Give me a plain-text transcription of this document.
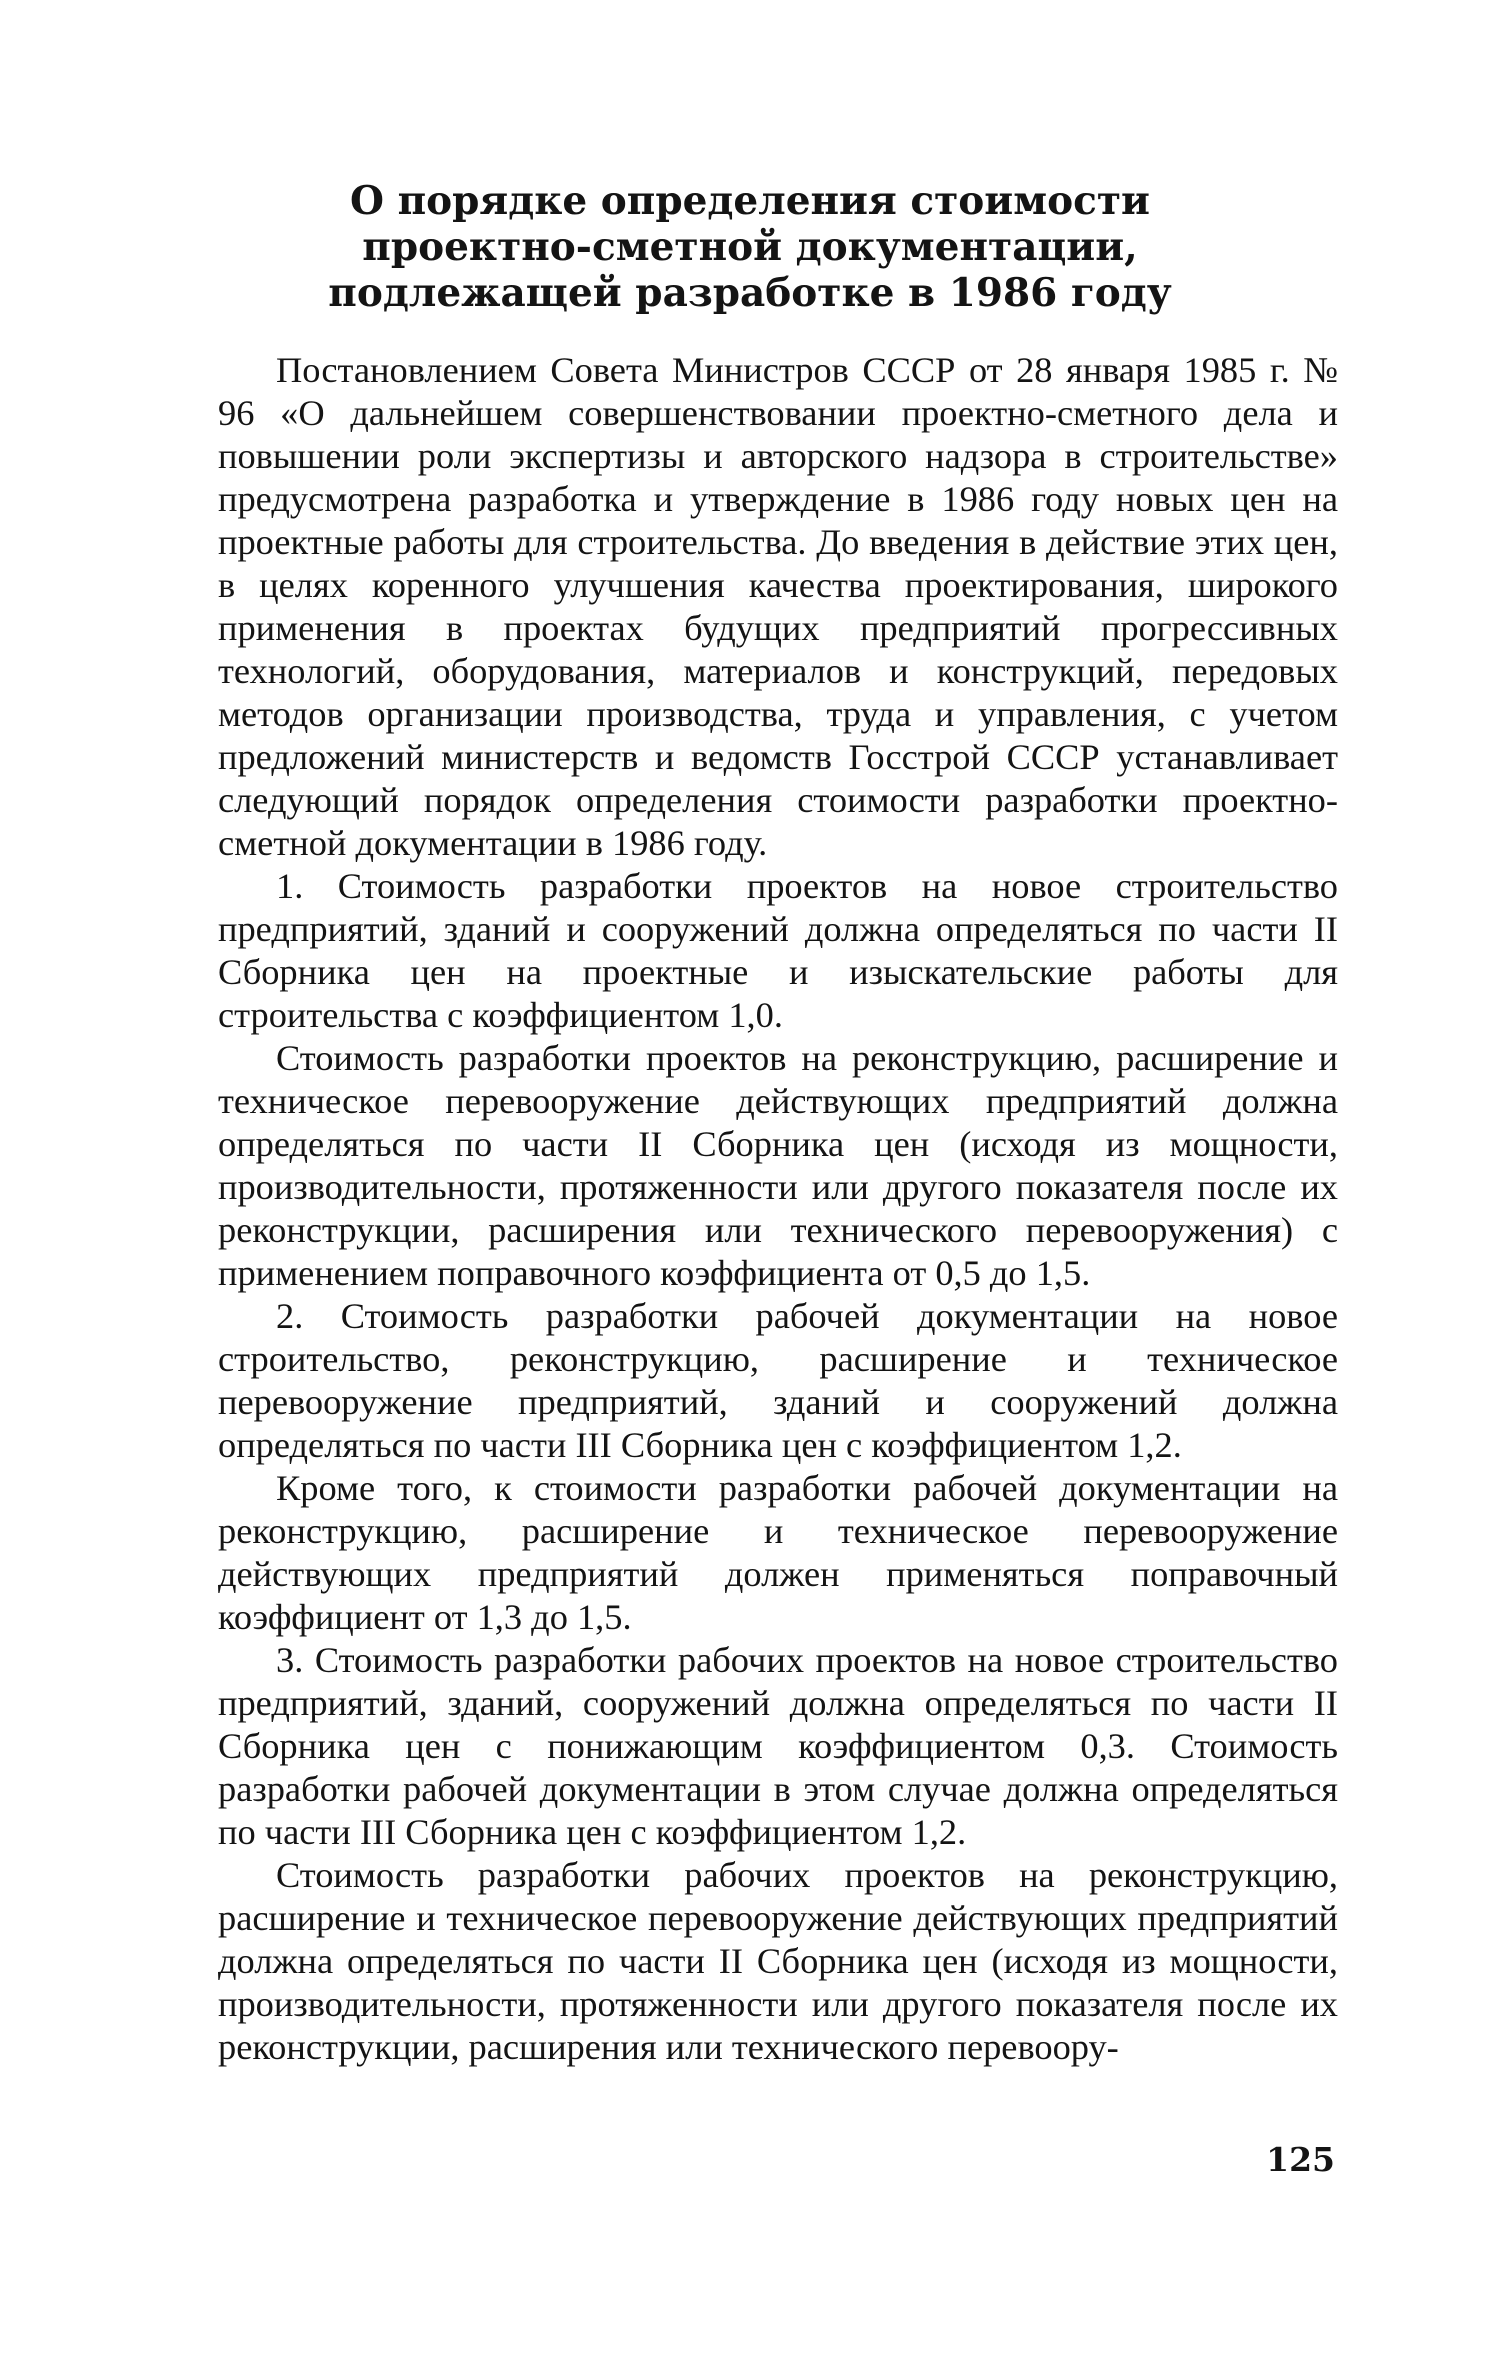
О порядке определения стоимости
проектно-сметной документации,
подлежащей разработке в 1986 году

Постановлением Совета Министров СССР от 28 января 1985 г. № 96 «О дальнейшем совершенствовании проектно-сметного дела и повышении роли экспертизы и авторского надзора в строительстве» предусмотрена разработка и утверждение в 1986 году новых цен на проектные работы для строительства. До введения в действие этих цен, в целях коренного улучшения качества проектирования, широкого применения в проектах будущих предприятий прогрессивных технологий, оборудования, материалов и конструкций, передовых методов организации производства, труда и управления, с учетом предложений министерств и ведомств Госстрой СССР устанавливает следующий порядок определения стоимости разработки проектно-сметной документации в 1986 году.

1. Стоимость разработки проектов на новое строительство предприятий, зданий и сооружений должна определяться по части II Сборника цен на проектные и изыскательские работы для строительства с коэффициентом 1,0.

Стоимость разработки проектов на реконструкцию, расширение и техническое перевооружение действующих предприятий должна определяться по части II Сборника цен (исходя из мощности, производительности, протяженности или другого показателя после их реконструкции, расширения или технического перевооружения) с применением поправочного коэффициента от 0,5 до 1,5.

2. Стоимость разработки рабочей документации на новое строительство, реконструкцию, расширение и техническое перевооружение предприятий, зданий и сооружений должна определяться по части III Сборника цен с коэффициентом 1,2.

Кроме того, к стоимости разработки рабочей документации на реконструкцию, расширение и техническое перевооружение действующих предприятий должен применяться поправочный коэффициент от 1,3 до 1,5.

3. Стоимость разработки рабочих проектов на новое строительство предприятий, зданий, сооружений должна определяться по части II Сборника цен с понижающим коэффициентом 0,3. Стоимость разработки рабочей документации в этом случае должна определяться по части III Сборника цен с коэффициентом 1,2.

Стоимость разработки рабочих проектов на реконструкцию, расширение и техническое перевооружение действующих предприятий должна определяться по части II Сборника цен (исходя из мощности, производительности, протяженности или другого показателя после их реконструкции, расширения или технического перевоору-

125
